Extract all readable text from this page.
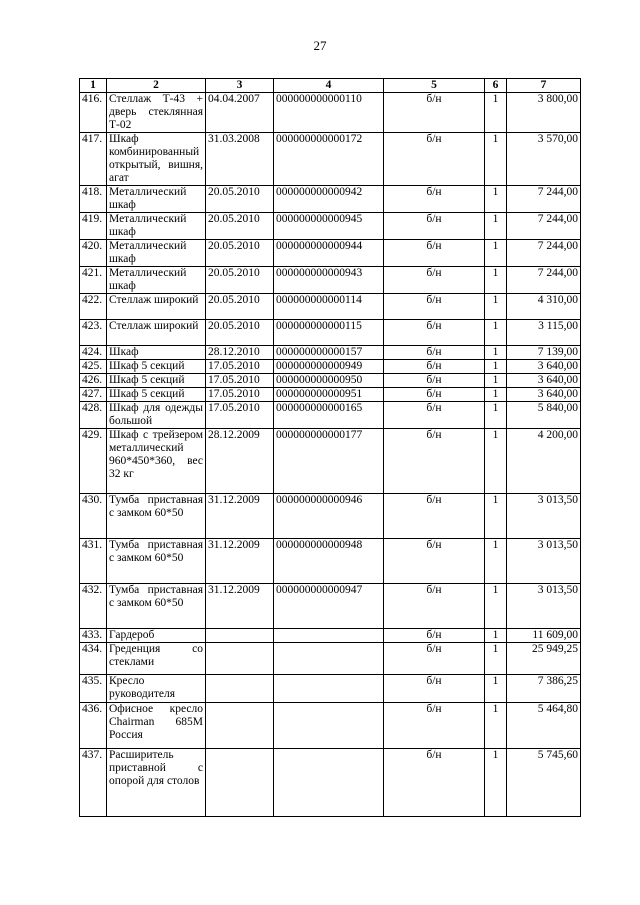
27
1	2	3	4	5	6	7
416.	Стеллаж Т-43 + дверь стеклянная Т-02	04.04.2007	000000000000110	б/н	1	3 800,00
417.	Шкаф комбинированный открытый, вишня, агат	31.03.2008	000000000000172	б/н	1	3 570,00
418.	Металлический шкаф	20.05.2010	000000000000942	б/н	1	7 244,00
419.	Металлический шкаф	20.05.2010	000000000000945	б/н	1	7 244,00
420.	Металлический шкаф	20.05.2010	000000000000944	б/н	1	7 244,00
421.	Металлический шкаф	20.05.2010	000000000000943	б/н	1	7 244,00
422.	Стеллаж широкий	20.05.2010	000000000000114	б/н	1	4 310,00
423.	Стеллаж широкий	20.05.2010	000000000000115	б/н	1	3 115,00
424.	Шкаф	28.12.2010	000000000000157	б/н	1	7 139,00
425.	Шкаф 5 секций	17.05.2010	000000000000949	б/н	1	3 640,00
426.	Шкаф 5 секций	17.05.2010	000000000000950	б/н	1	3 640,00
427.	Шкаф 5 секций	17.05.2010	000000000000951	б/н	1	3 640,00
428.	Шкаф для одежды большой	17.05.2010	000000000000165	б/н	1	5 840,00
429.	Шкаф с трейзером металлический 960*450*360, вес 32 кг	28.12.2009	000000000000177	б/н	1	4 200,00
430.	Тумба приставная с замком 60*50	31.12.2009	000000000000946	б/н	1	3 013,50
431.	Тумба приставная с замком 60*50	31.12.2009	000000000000948	б/н	1	3 013,50
432.	Тумба приставная с замком 60*50	31.12.2009	000000000000947	б/н	1	3 013,50
433.	Гардероб			б/н	1	11 609,00
434.	Греденция со стеклами			б/н	1	25 949,25
435.	Кресло руководителя			б/н	1	7 386,25
436.	Офисное кресло Chairman 685M Россия			б/н	1	5 464,80
437.	Расширитель приставной с опорой для столов			б/н	1	5 745,60
